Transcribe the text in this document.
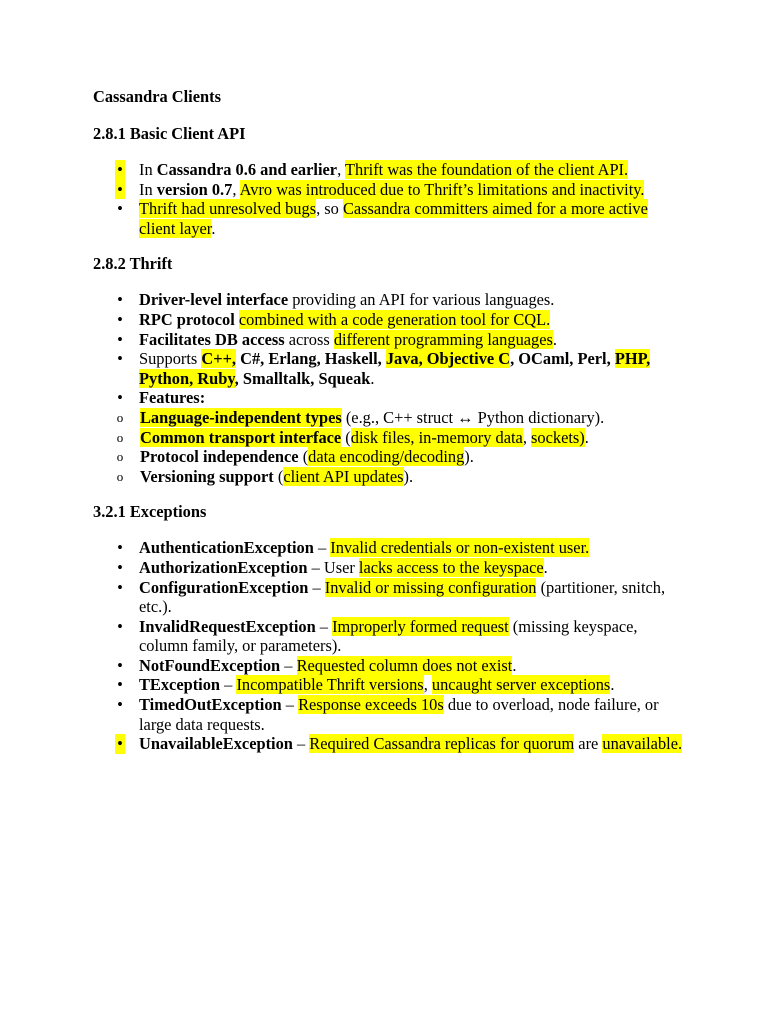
Cassandra Clients
2.8.1 Basic Client API
• In Cassandra 0.6 and earlier, Thrift was the foundation of the client API.
• In version 0.7, Avro was introduced due to Thrift’s limitations and inactivity.
• Thrift had unresolved bugs, so Cassandra committers aimed for a more active client layer.
2.8.2 Thrift
• Driver-level interface providing an API for various languages.
• RPC protocol combined with a code generation tool for CQL.
• Facilitates DB access across different programming languages.
• Supports C++, C#, Erlang, Haskell, Java, Objective C, OCaml, Perl, PHP, Python, Ruby, Smalltalk, Squeak.
• Features:
o Language-independent types (e.g., C++ struct ↔ Python dictionary).
o Common transport interface (disk files, in-memory data, sockets).
o Protocol independence (data encoding/decoding).
o Versioning support (client API updates).
3.2.1 Exceptions
• AuthenticationException – Invalid credentials or non-existent user.
• AuthorizationException – User lacks access to the keyspace.
• ConfigurationException – Invalid or missing configuration (partitioner, snitch, etc.).
• InvalidRequestException – Improperly formed request (missing keyspace, column family, or parameters).
• NotFoundException – Requested column does not exist.
• TException – Incompatible Thrift versions, uncaught server exceptions.
• TimedOutException – Response exceeds 10s due to overload, node failure, or large data requests.
• UnavailableException – Required Cassandra replicas for quorum are unavailable.
